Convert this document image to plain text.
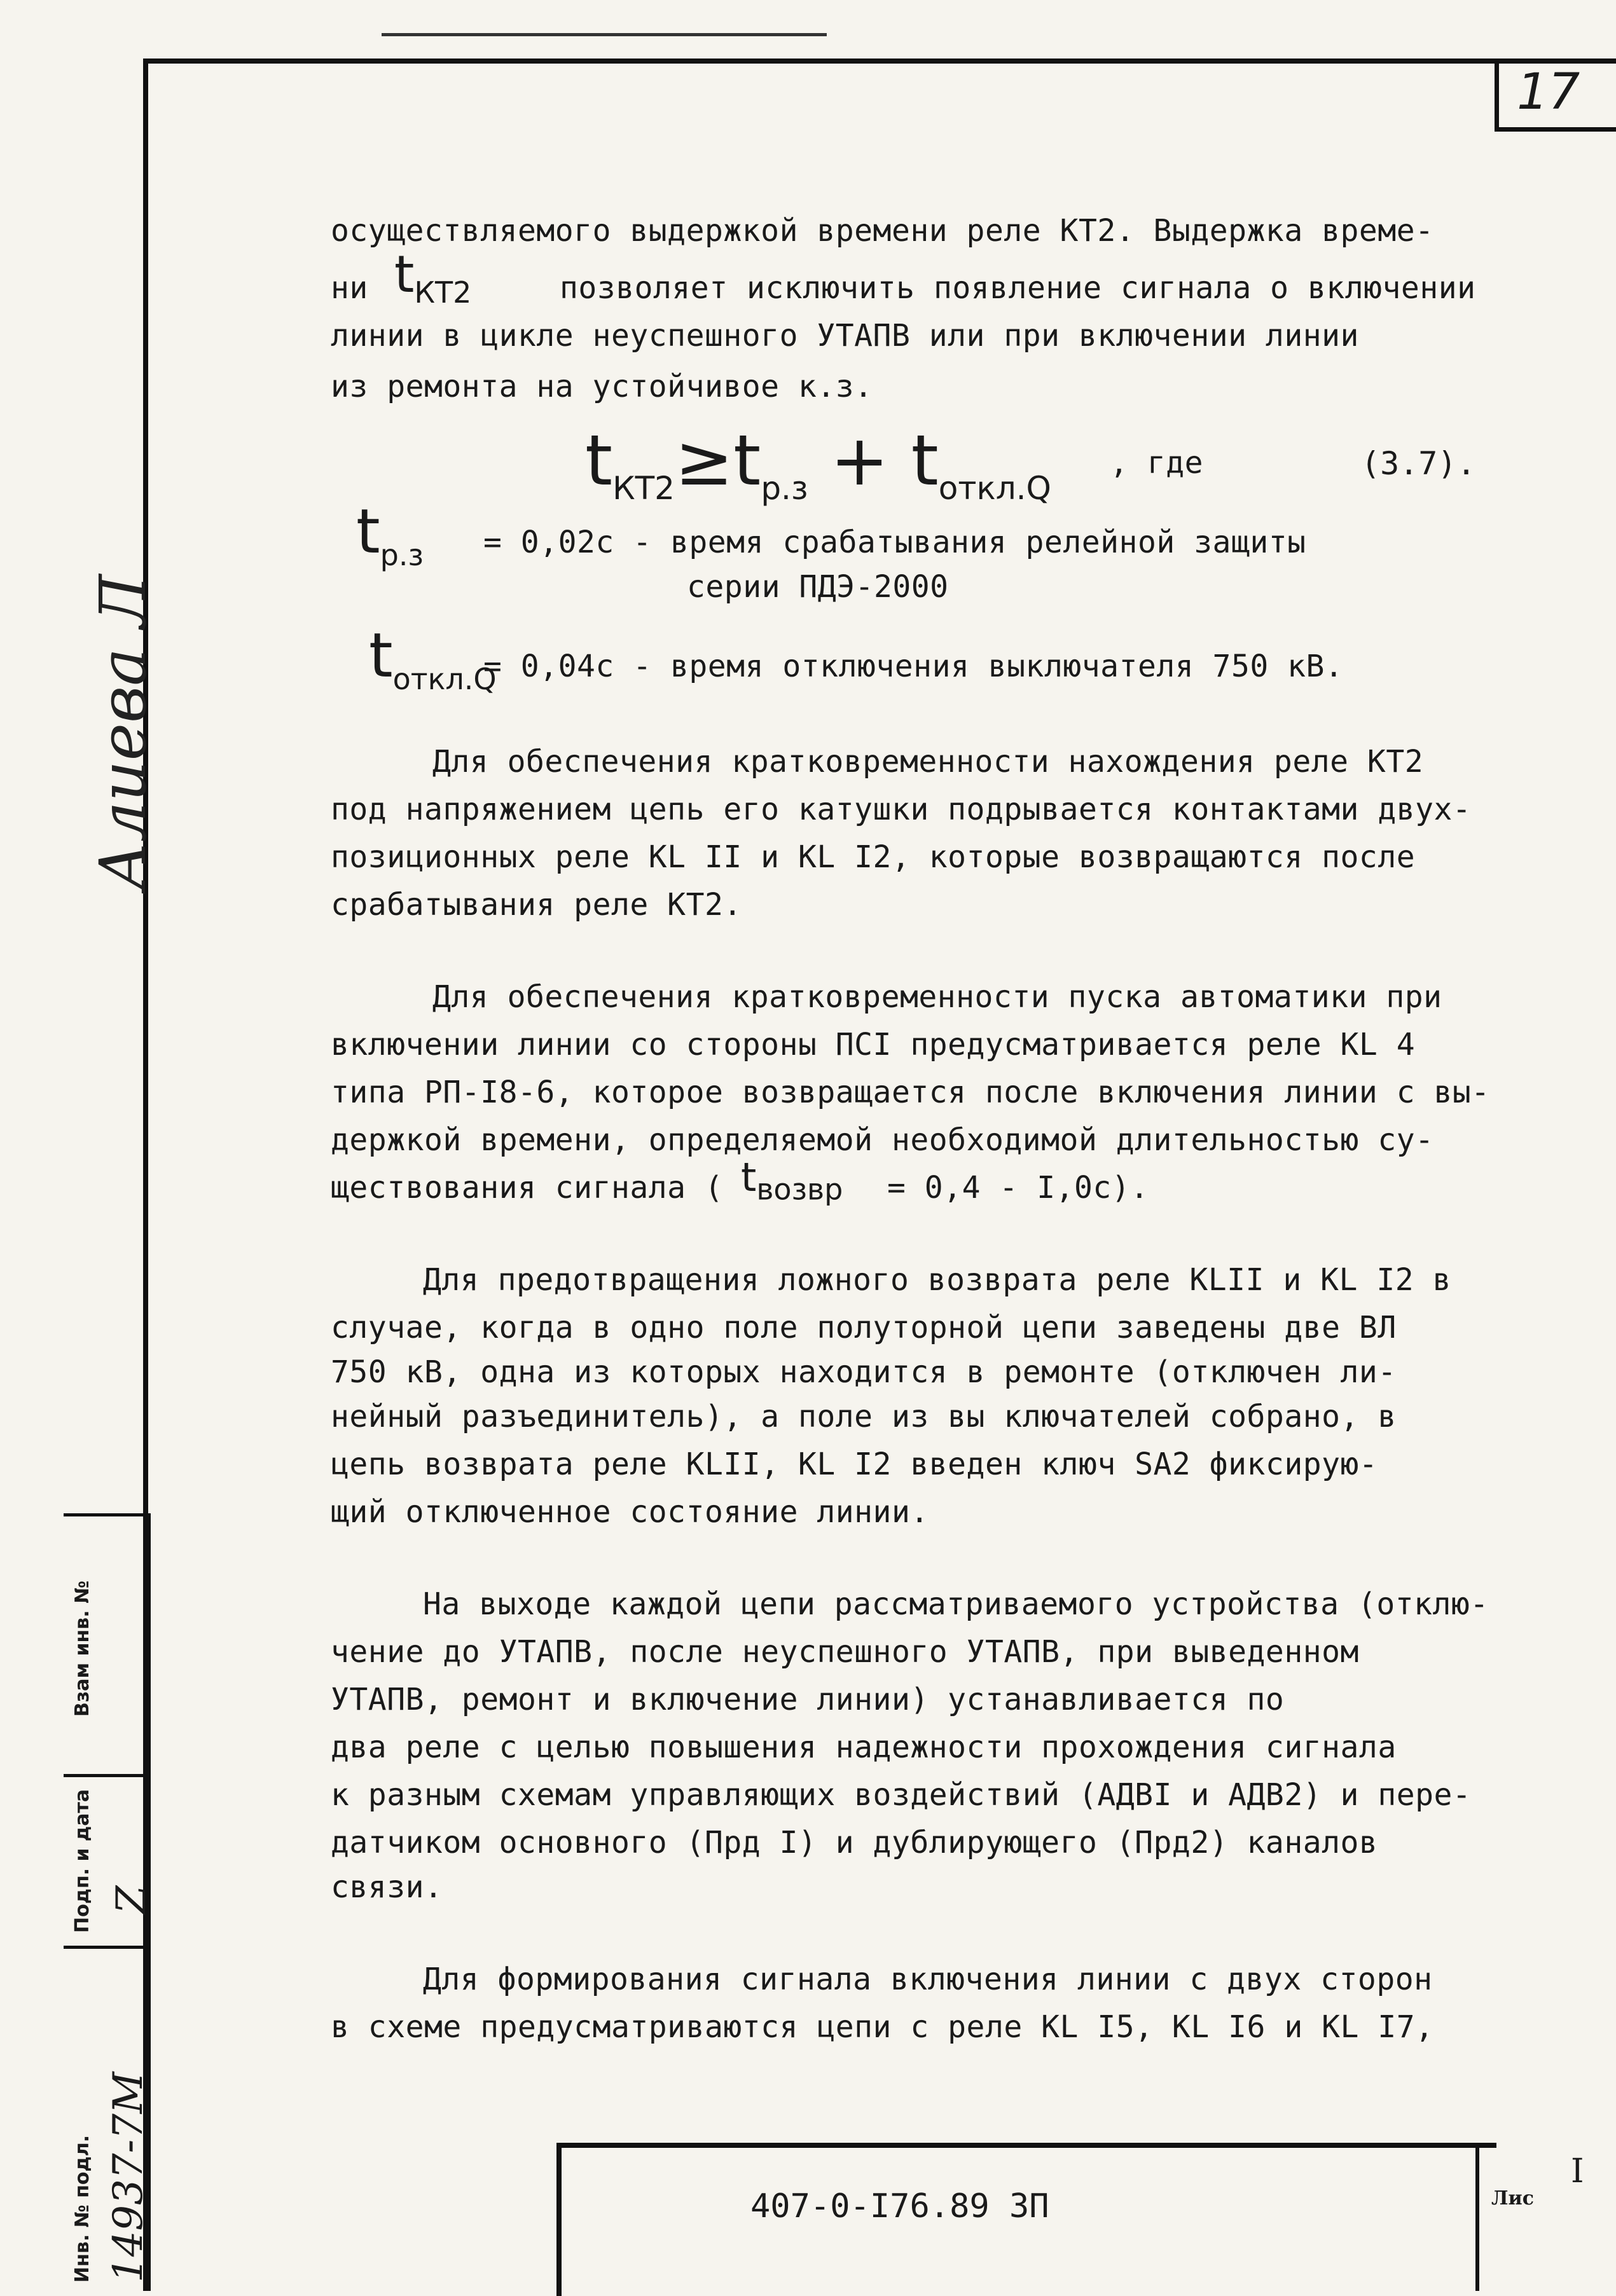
17
Алиева Л
Взам инв. №
Подп. и дата Z
Инв. № подл. 14937-7М
осуществляемого выдержкой времени реле КТ2. Выдержка време-
ни $t_{КТ2}$	позволяет исключить появление сигнала о включении
линии в цикле неуспешного УТАПВ или при включении линии
из ремонта на устойчивое к.з.
$t_{КТ2}\ge t_{р.з} + t_{откл.Q}$
, где	(3.7).
$t_{р.з} = 0,02с$ - время срабатывания релейной защиты
серии ПДЭ-2000
$t_{откл.Q}$
= 0,04с - время отключения выключателя 750 кВ.
Для обеспечения кратковременности нахождения реле КТ2
под напряжением цепь его катушки подрывается контактами двух-
позиционных реле КL II и КL I2, которые возвращаются после
срабатывания реле КТ2.
Для обеспечения кратковременности пуска автоматики при
включении линии со стороны ПСI предусматривается реле КL 4
типа РП-I8-6, которое возвращается после включения линии с вы-
держкой времени, определяемой необходимой длительностью су-
ществования сигнала ( $t_{возвр} = 0,4 - I,0с$).
Для предотвращения ложного возврата реле КLII и КL I2 в
случае, когда в одно поле полуторной цепи заведены две ВЛ
750 кВ, одна из которых находится в ремонте (отключен ли-
нейный разъединитель), а поле из вы ключателей собрано, в
цепь возврата реле КLII, КL I2 введен ключ SA2 фиксирую-
щий отключенное состояние линии.
На выходе каждой цепи рассматриваемого устройства (отклю-
чение до УТАПВ, после неуспешного УТАПВ, при выведенном
УТАПВ, ремонт и включение линии) устанавливается по
два реле с целью повышения надежности прохождения сигнала
к разным схемам управляющих воздействий (АДВI и АДВ2) и пере-
датчиком основного (Прд I) и дублирующего (Прд2) каналов
связи.
Для формирования сигнала включения линии с двух сторон
в схеме предусматриваются цепи с реле КL I5, КL I6 и КL I7,
407-0-I76.89 ЗП	Лис
I
